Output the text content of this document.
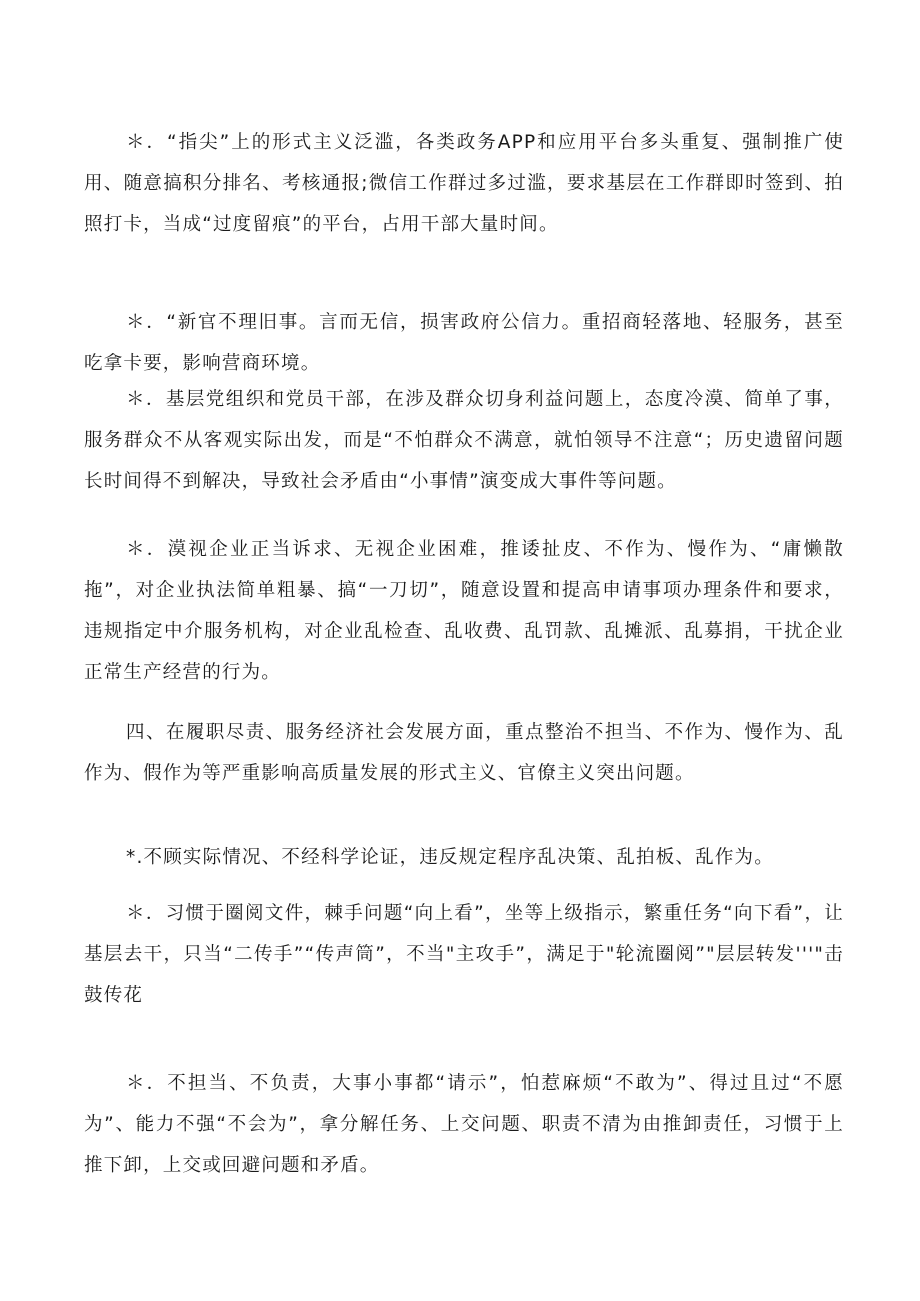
＊．“指尖”上的形式主义泛滥，各类政务APP和应用平台多头重复、强制推广使用、随意搞积分排名、考核通报;微信工作群过多过滥，要求基层在工作群即时签到、拍照打卡，当成“过度留痕”的平台，占用干部大量时间。

＊．“新官不理旧事。言而无信，损害政府公信力。重招商轻落地、轻服务，甚至吃拿卡要，影响营商环境。

＊．基层党组织和党员干部，在涉及群众切身利益问题上，态度冷漠、简单了事，服务群众不从客观实际出发，而是“不怕群众不满意，就怕领导不注意“；历史遗留问题长时间得不到解决，导致社会矛盾由“小事情”演变成大事件等问题。

＊．漠视企业正当诉求、无视企业困难，推诿扯皮、不作为、慢作为、“庸懒散拖”，对企业执法简单粗暴、搞“一刀切”，随意设置和提高申请事项办理条件和要求，违规指定中介服务机构，对企业乱检查、乱收费、乱罚款、乱摊派、乱募捐，干扰企业正常生产经营的行为。

四、在履职尽责、服务经济社会发展方面，重点整治不担当、不作为、慢作为、乱作为、假作为等严重影响高质量发展的形式主义、官僚主义突出问题。

*.不顾实际情况、不经科学论证，违反规定程序乱决策、乱拍板、乱作为。

＊．习惯于圈阅文件，棘手问题“向上看”，坐等上级指示，繁重任务“向下看”，让基层去干，只当“二传手”“传声筒”，不当"主攻手”，满足于"轮流圈阅”"层层转发'''"击鼓传花

＊．不担当、不负责，大事小事都“请示”，怕惹麻烦“不敢为”、得过且过“不愿为”、能力不强“不会为”，拿分解任务、上交问题、职责不清为由推卸责任，习惯于上推下卸，上交或回避问题和矛盾。
